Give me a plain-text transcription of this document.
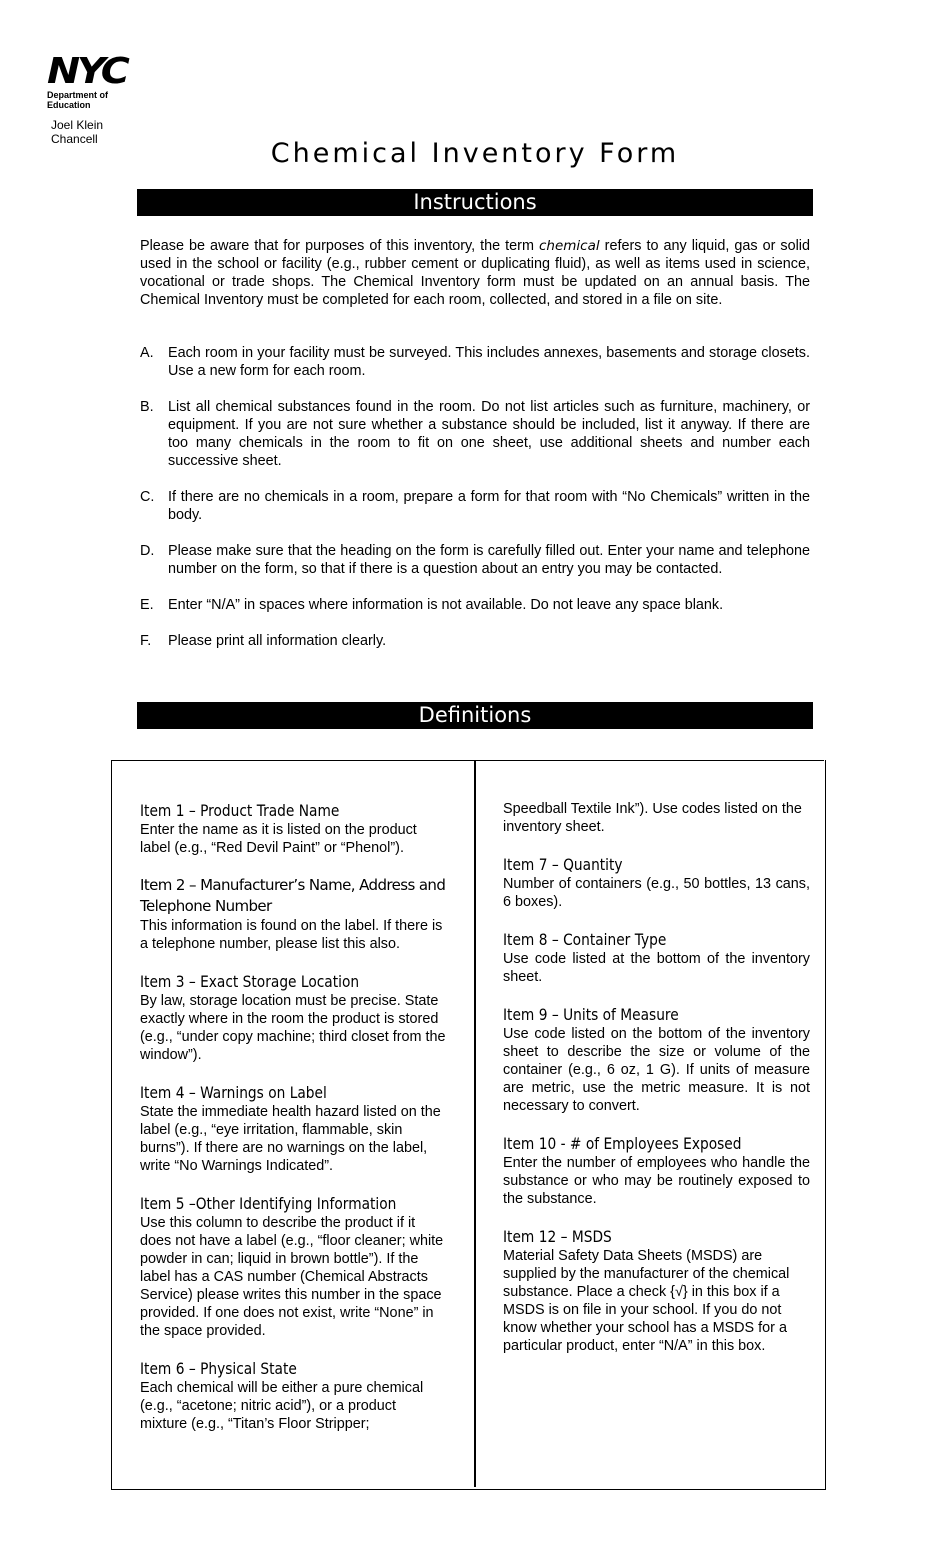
NYC
Department of Education
Joel Klein
Chancell	Chemical Inventory Form
Instructions
Please be aware that for purposes of this inventory, the term chemical refers to any liquid, gas or solid used in the school or facility (e.g., rubber cement or duplicating fluid), as well as items used in science, vocational or trade shops. The Chemical Inventory form must be updated on an annual basis. The Chemical Inventory must be completed for each room, collected, and stored in a file on site.
A. Each room in your facility must be surveyed. This includes annexes, basements and storage closets. Use a new form for each room.
B. List all chemical substances found in the room. Do not list articles such as furniture, machinery, or equipment. If you are not sure whether a substance should be included, list it anyway. If there are too many chemicals in the room to fit on one sheet, use additional sheets and number each successive sheet.
C. If there are no chemicals in a room, prepare a form for that room with “No Chemicals” written in the body.
D. Please make sure that the heading on the form is carefully filled out. Enter your name and telephone number on the form, so that if there is a question about an entry you may be contacted.
E. Enter “N/A” in spaces where information is not available. Do not leave any space blank.
F.	Please print all information clearly.
Definitions
Item 1 – Product Trade Name
Enter the name as it is listed on the product label (e.g., “Red Devil Paint” or “Phenol”).
Item 2 – Manufacturer’s Name, Address and Telephone Number
This information is found on the label. If there is a telephone number, please list this also.
Item 3 – Exact Storage Location
By law, storage location must be precise. State exactly where in the room the product is stored (e.g., “under copy machine; third closet from the window”).
Item 4 – Warnings on Label
State the immediate health hazard listed on the label (e.g., “eye irritation, flammable, skin burns”). If there are no warnings on the label, write “No Warnings Indicated”.
Item 5 –Other Identifying Information
Use this column to describe the product if it does not have a label (e.g., “floor cleaner; white powder in can; liquid in brown bottle”). If the label has a CAS number (Chemical Abstracts Service) please writes this number in the space provided. If one does not exist, write “None” in the space provided.
Item 6 – Physical State
Each chemical will be either a pure chemical (e.g., “acetone; nitric acid”), or a product mixture (e.g., “Titan’s Floor Stripper;
Speedball Textile Ink”). Use codes listed on the inventory sheet.
Item 7 – Quantity
Number of containers (e.g., 50 bottles, 13 cans, 6 boxes).
Item 8 – Container Type
Use code listed at the bottom of the inventory sheet.
Item 9 – Units of Measure
Use code listed on the bottom of the inventory sheet to describe the size or volume of the container (e.g., 6 oz, 1 G). If units of measure are metric, use the metric measure. It is not necessary to convert.
Item 10 - # of Employees Exposed
Enter the number of employees who handle the substance or who may be routinely exposed to the substance.
Item 12 – MSDS
Material Safety Data Sheets (MSDS) are supplied by the manufacturer of the chemical substance. Place a check {√} in this box if a MSDS is on file in your school. If you do not know whether your school has a MSDS for a particular product, enter “N/A” in this box.
